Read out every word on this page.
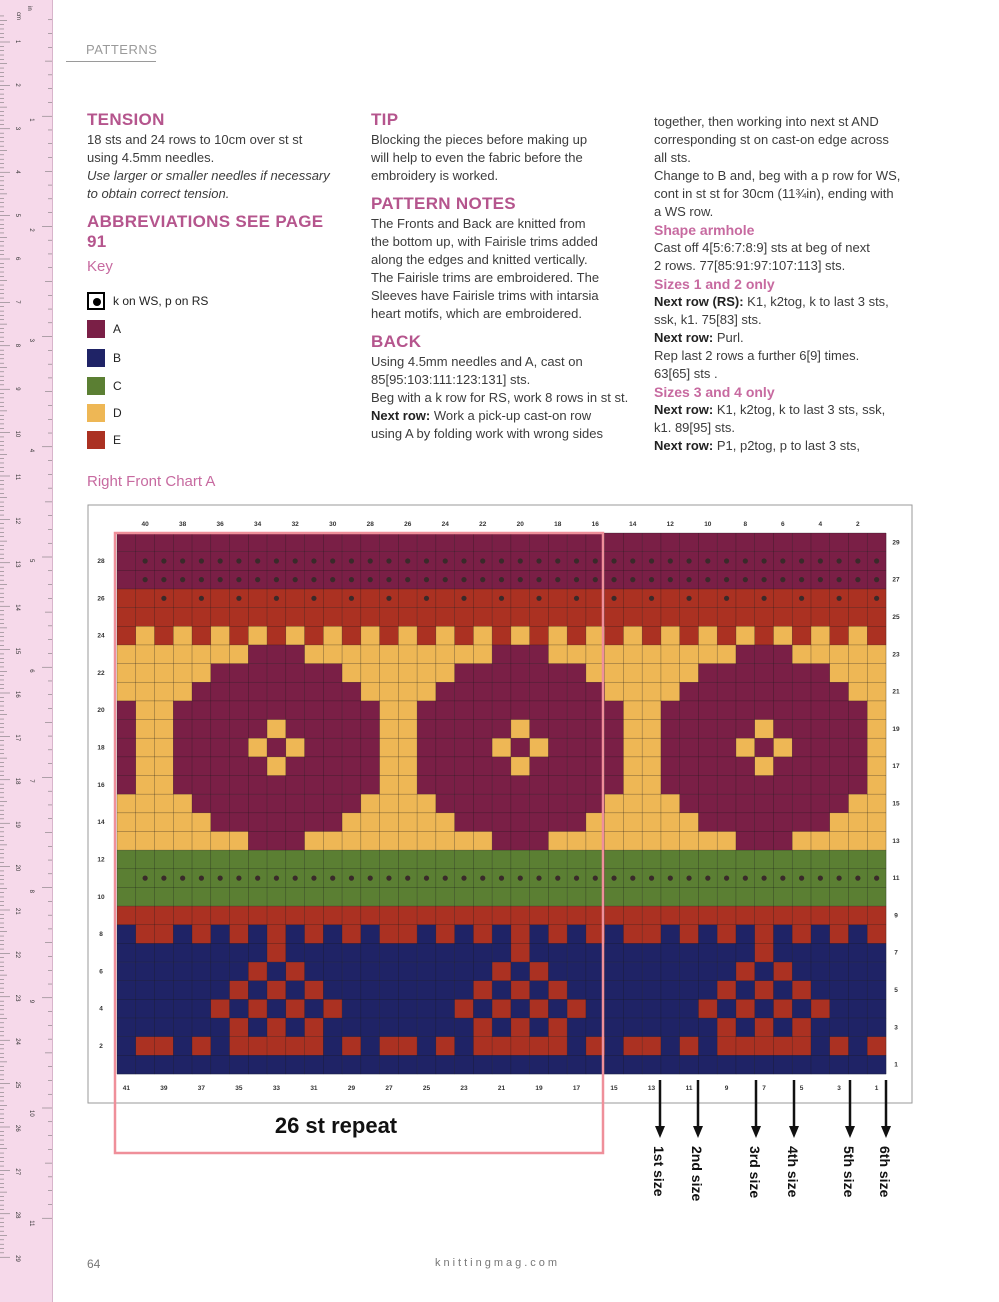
cm
in
1
2
3
4
5
6
7
8
9
10
11
12
13
14
15
16
17
18
19
20
21
22
23
24
25
26
27
28
29
1
2
3
4
5
6
7
8
9
10
11
PATTERNS
TENSION

18 sts and 24 rows to 10cm over st st

using 4.5mm needles.

Use larger or smaller needles if necessary

to obtain correct tension.

ABBREVIATIONS SEE PAGE 91
Key
k on WS, p on RS
A
B
C
D
E
TIP

Blocking the pieces before making up

will help to even the fabric before the

embroidery is worked.

PATTERN NOTES

The Fronts and Back are knitted from

the bottom up, with Fairisle trims added

along the edges and knitted vertically.

The Fairisle trims are embroidered. The

Sleeves have Fairisle trims with intarsia

heart motifs, which are embroidered.

BACK

Using 4.5mm needles and A, cast on

85[95:103:111:123:131] sts.

Beg with a k row for RS, work 8 rows in st st.

Next row: Work a pick-up cast-on row

using A by folding work with wrong sides

together, then working into next st AND

corresponding st on cast-on edge across

all sts.

Change to B and, beg with a p row for WS,

cont in st st for 30cm (11¾in), ending with

a WS row.

Shape armhole

Cast off 4[5:6:7:8:9] sts at beg of next

2 rows. 77[85:91:97:107:113] sts.

Sizes 1 and 2 only

Next row (RS): K1, k2tog, k to last 3 sts,

ssk, k1. 75[83] sts.

Next row: Purl.

Rep last 2 rows a further 6[9] times.

63[65] sts .

Sizes 3 and 4 only

Next row: K1, k2tog, k to last 3 sts, ssk,

k1. 89[95] sts.

Next row: P1, p2tog, p to last 3 sts,

Right Front Chart A
40	38	36	34	32	30	28	26	24	22	20	18	16	14	12	10	8	6	4	2
41	39	37	35	33	31	29	27	25	23	21	19	17	15	13	11	9	7	5	3	1
28
26
24
22
20
18
16
14
12
10
8
6
4
2
29
27
25
23
21
19
17
15
13
11
9
7
5
3
1
26 st repeat
1st size 2nd size	3rd size 4th size	5th size 6th size
64	knittingmag.com
